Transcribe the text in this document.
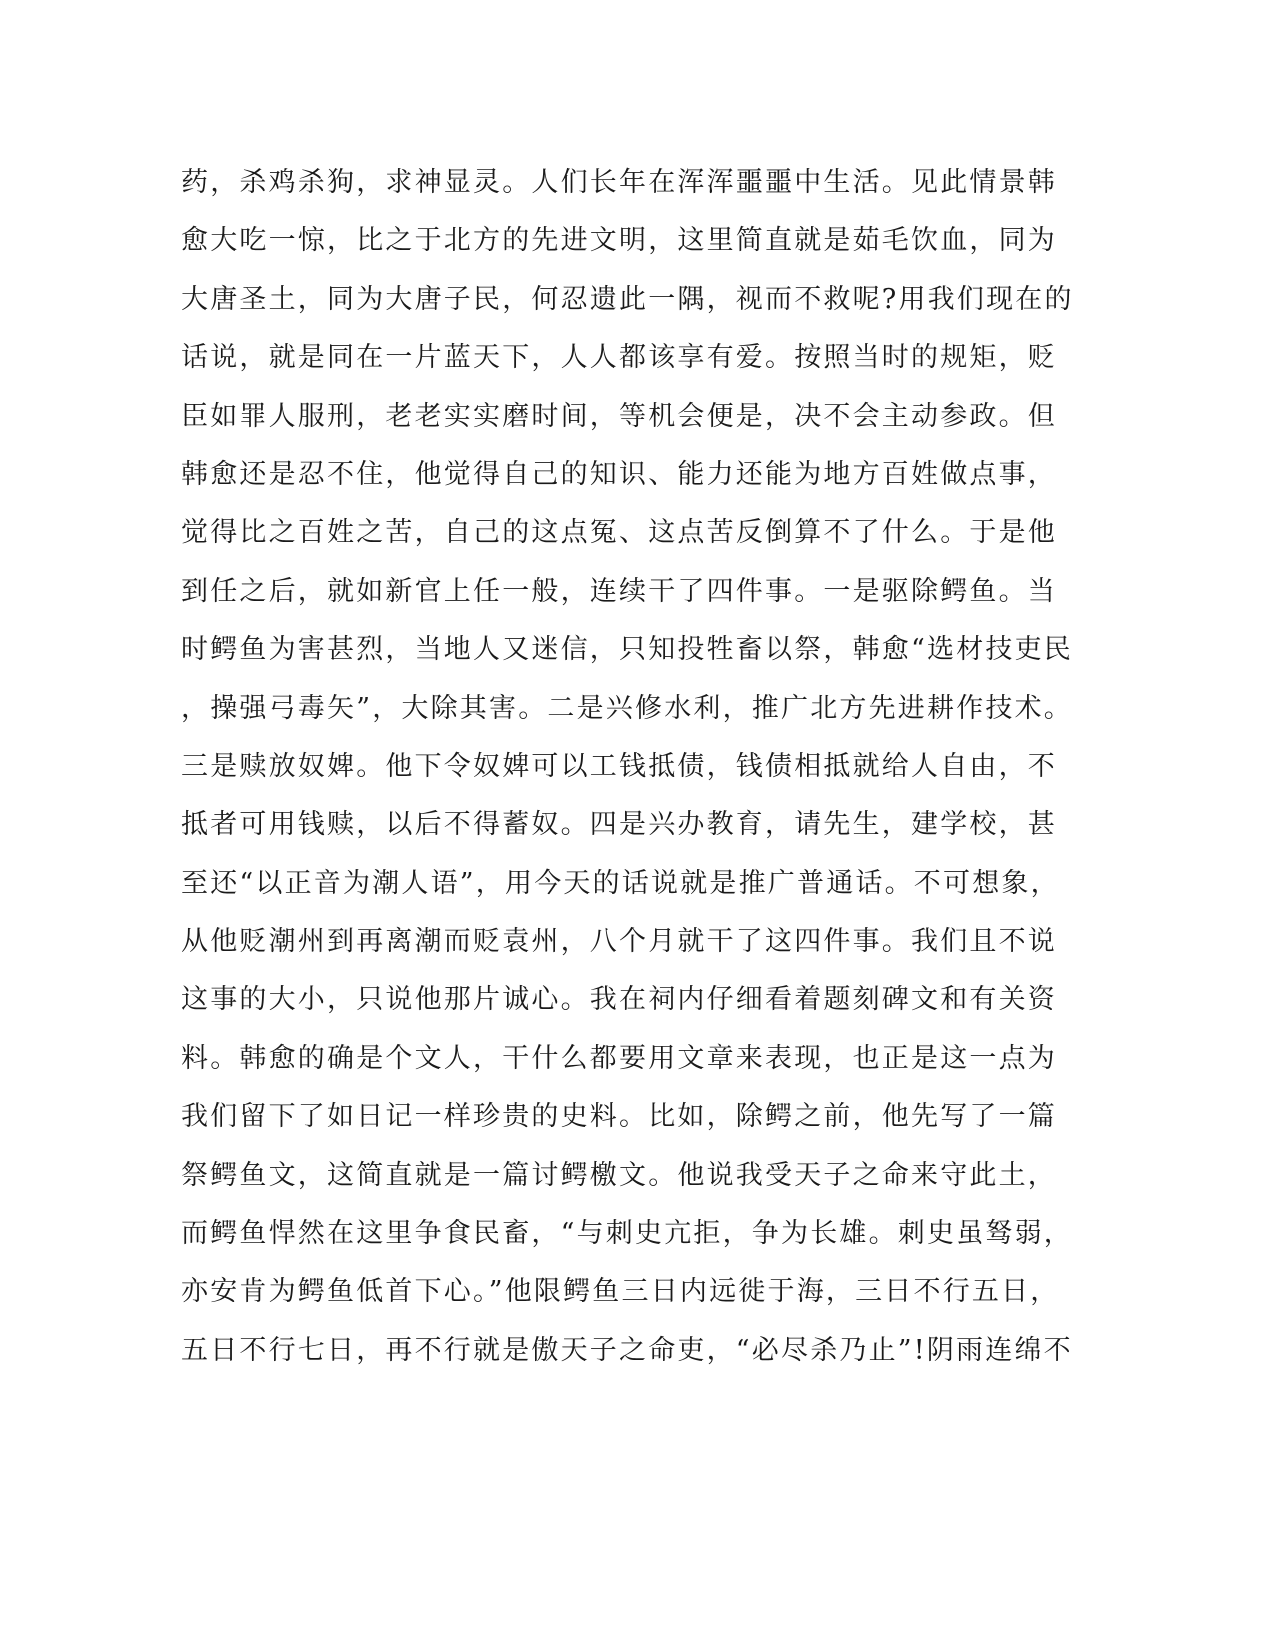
药，杀鸡杀狗，求神显灵。人们长年在浑浑噩噩中生活。见此情景韩
愈大吃一惊，比之于北方的先进文明，这里简直就是茹毛饮血，同为
大唐圣土，同为大唐子民，何忍遗此一隅，视而不救呢?用我们现在的
话说，就是同在一片蓝天下，人人都该享有爱。按照当时的规矩，贬
臣如罪人服刑，老老实实磨时间，等机会便是，决不会主动参政。但
韩愈还是忍不住，他觉得自己的知识、能力还能为地方百姓做点事，
觉得比之百姓之苦，自己的这点冤、这点苦反倒算不了什么。于是他
到任之后，就如新官上任一般，连续干了四件事。一是驱除鳄鱼。当
时鳄鱼为害甚烈，当地人又迷信，只知投牲畜以祭，韩愈“选材技吏民
，操强弓毒矢”，大除其害。二是兴修水利，推广北方先进耕作技术。
三是赎放奴婢。他下令奴婢可以工钱抵债，钱债相抵就给人自由，不
抵者可用钱赎，以后不得蓄奴。四是兴办教育，请先生，建学校，甚
至还“以正音为潮人语”，用今天的话说就是推广普通话。不可想象，
从他贬潮州到再离潮而贬袁州，八个月就干了这四件事。我们且不说
这事的大小，只说他那片诚心。我在祠内仔细看着题刻碑文和有关资
料。韩愈的确是个文人，干什么都要用文章来表现，也正是这一点为
我们留下了如日记一样珍贵的史料。比如，除鳄之前，他先写了一篇
祭鳄鱼文，这简直就是一篇讨鳄檄文。他说我受天子之命来守此土，
而鳄鱼悍然在这里争食民畜，“与刺史亢拒，争为长雄。刺史虽驽弱，
亦安肯为鳄鱼低首下心。”他限鳄鱼三日内远徙于海，三日不行五日，
五日不行七日，再不行就是傲天子之命吏，“必尽杀乃止”!阴雨连绵不
